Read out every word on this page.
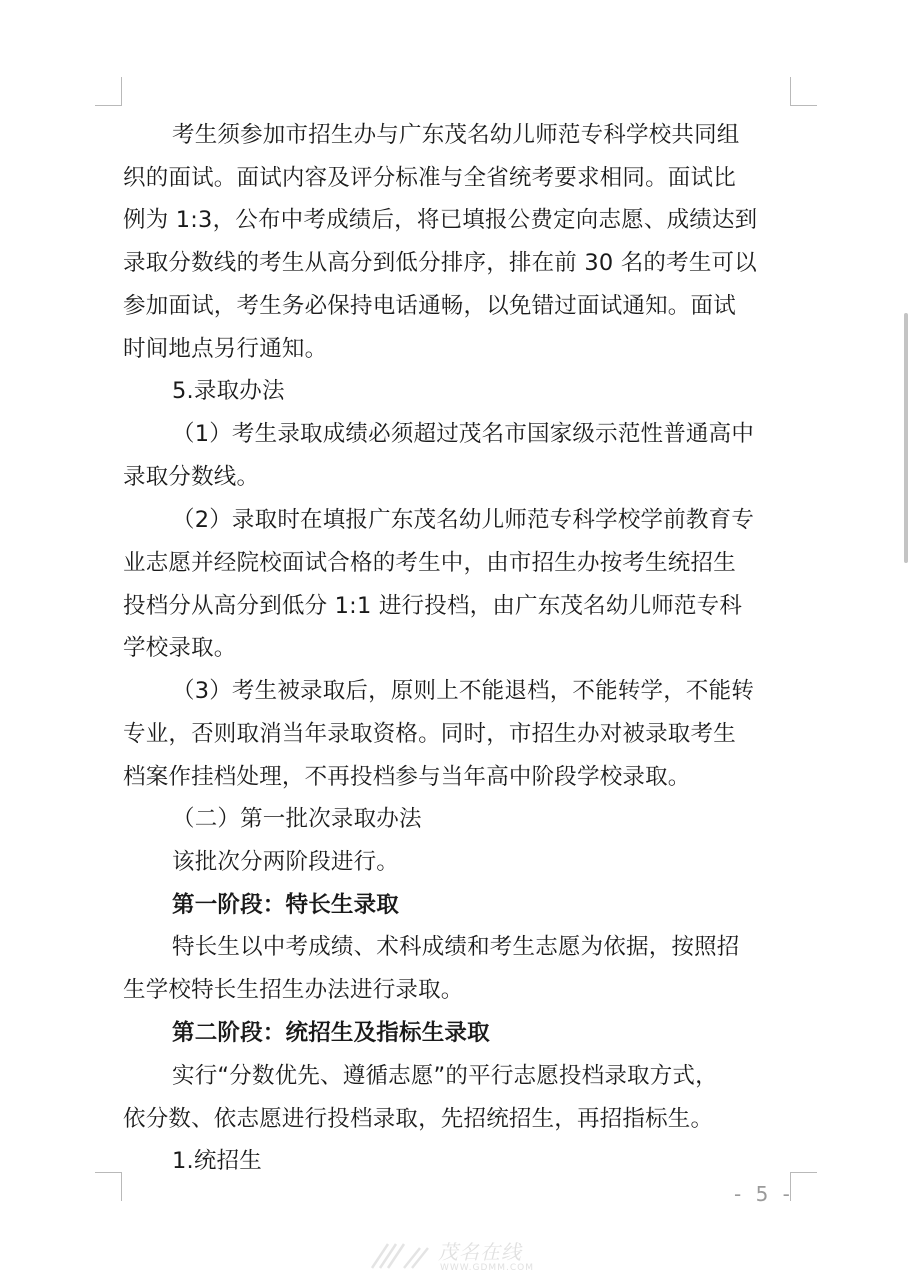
考生须参加市招生办与广东茂名幼儿师范专科学校共同组
织的面试。面试内容及评分标准与全省统考要求相同。面试比
例为 1:3，公布中考成绩后，将已填报公费定向志愿、成绩达到
录取分数线的考生从高分到低分排序，排在前 30 名的考生可以
参加面试，考生务必保持电话通畅，以免错过面试通知。面试
时间地点另行通知。
5.录取办法
（1）考生录取成绩必须超过茂名市国家级示范性普通高中
录取分数线。
（2）录取时在填报广东茂名幼儿师范专科学校学前教育专
业志愿并经院校面试合格的考生中，由市招生办按考生统招生
投档分从高分到低分 1:1 进行投档，由广东茂名幼儿师范专科
学校录取。
（3）考生被录取后，原则上不能退档，不能转学，不能转
专业，否则取消当年录取资格。同时，市招生办对被录取考生
档案作挂档处理，不再投档参与当年高中阶段学校录取。
（二）第一批次录取办法
该批次分两阶段进行。
第一阶段：特长生录取
特长生以中考成绩、术科成绩和考生志愿为依据，按照招
生学校特长生招生办法进行录取。
第二阶段：统招生及指标生录取
实行“分数优先、遵循志愿”的平行志愿投档录取方式，
依分数、依志愿进行投档录取，先招统招生，再招指标生。
1.统招生
- 5 -
茂名在线
WWW.GDMM.COM
